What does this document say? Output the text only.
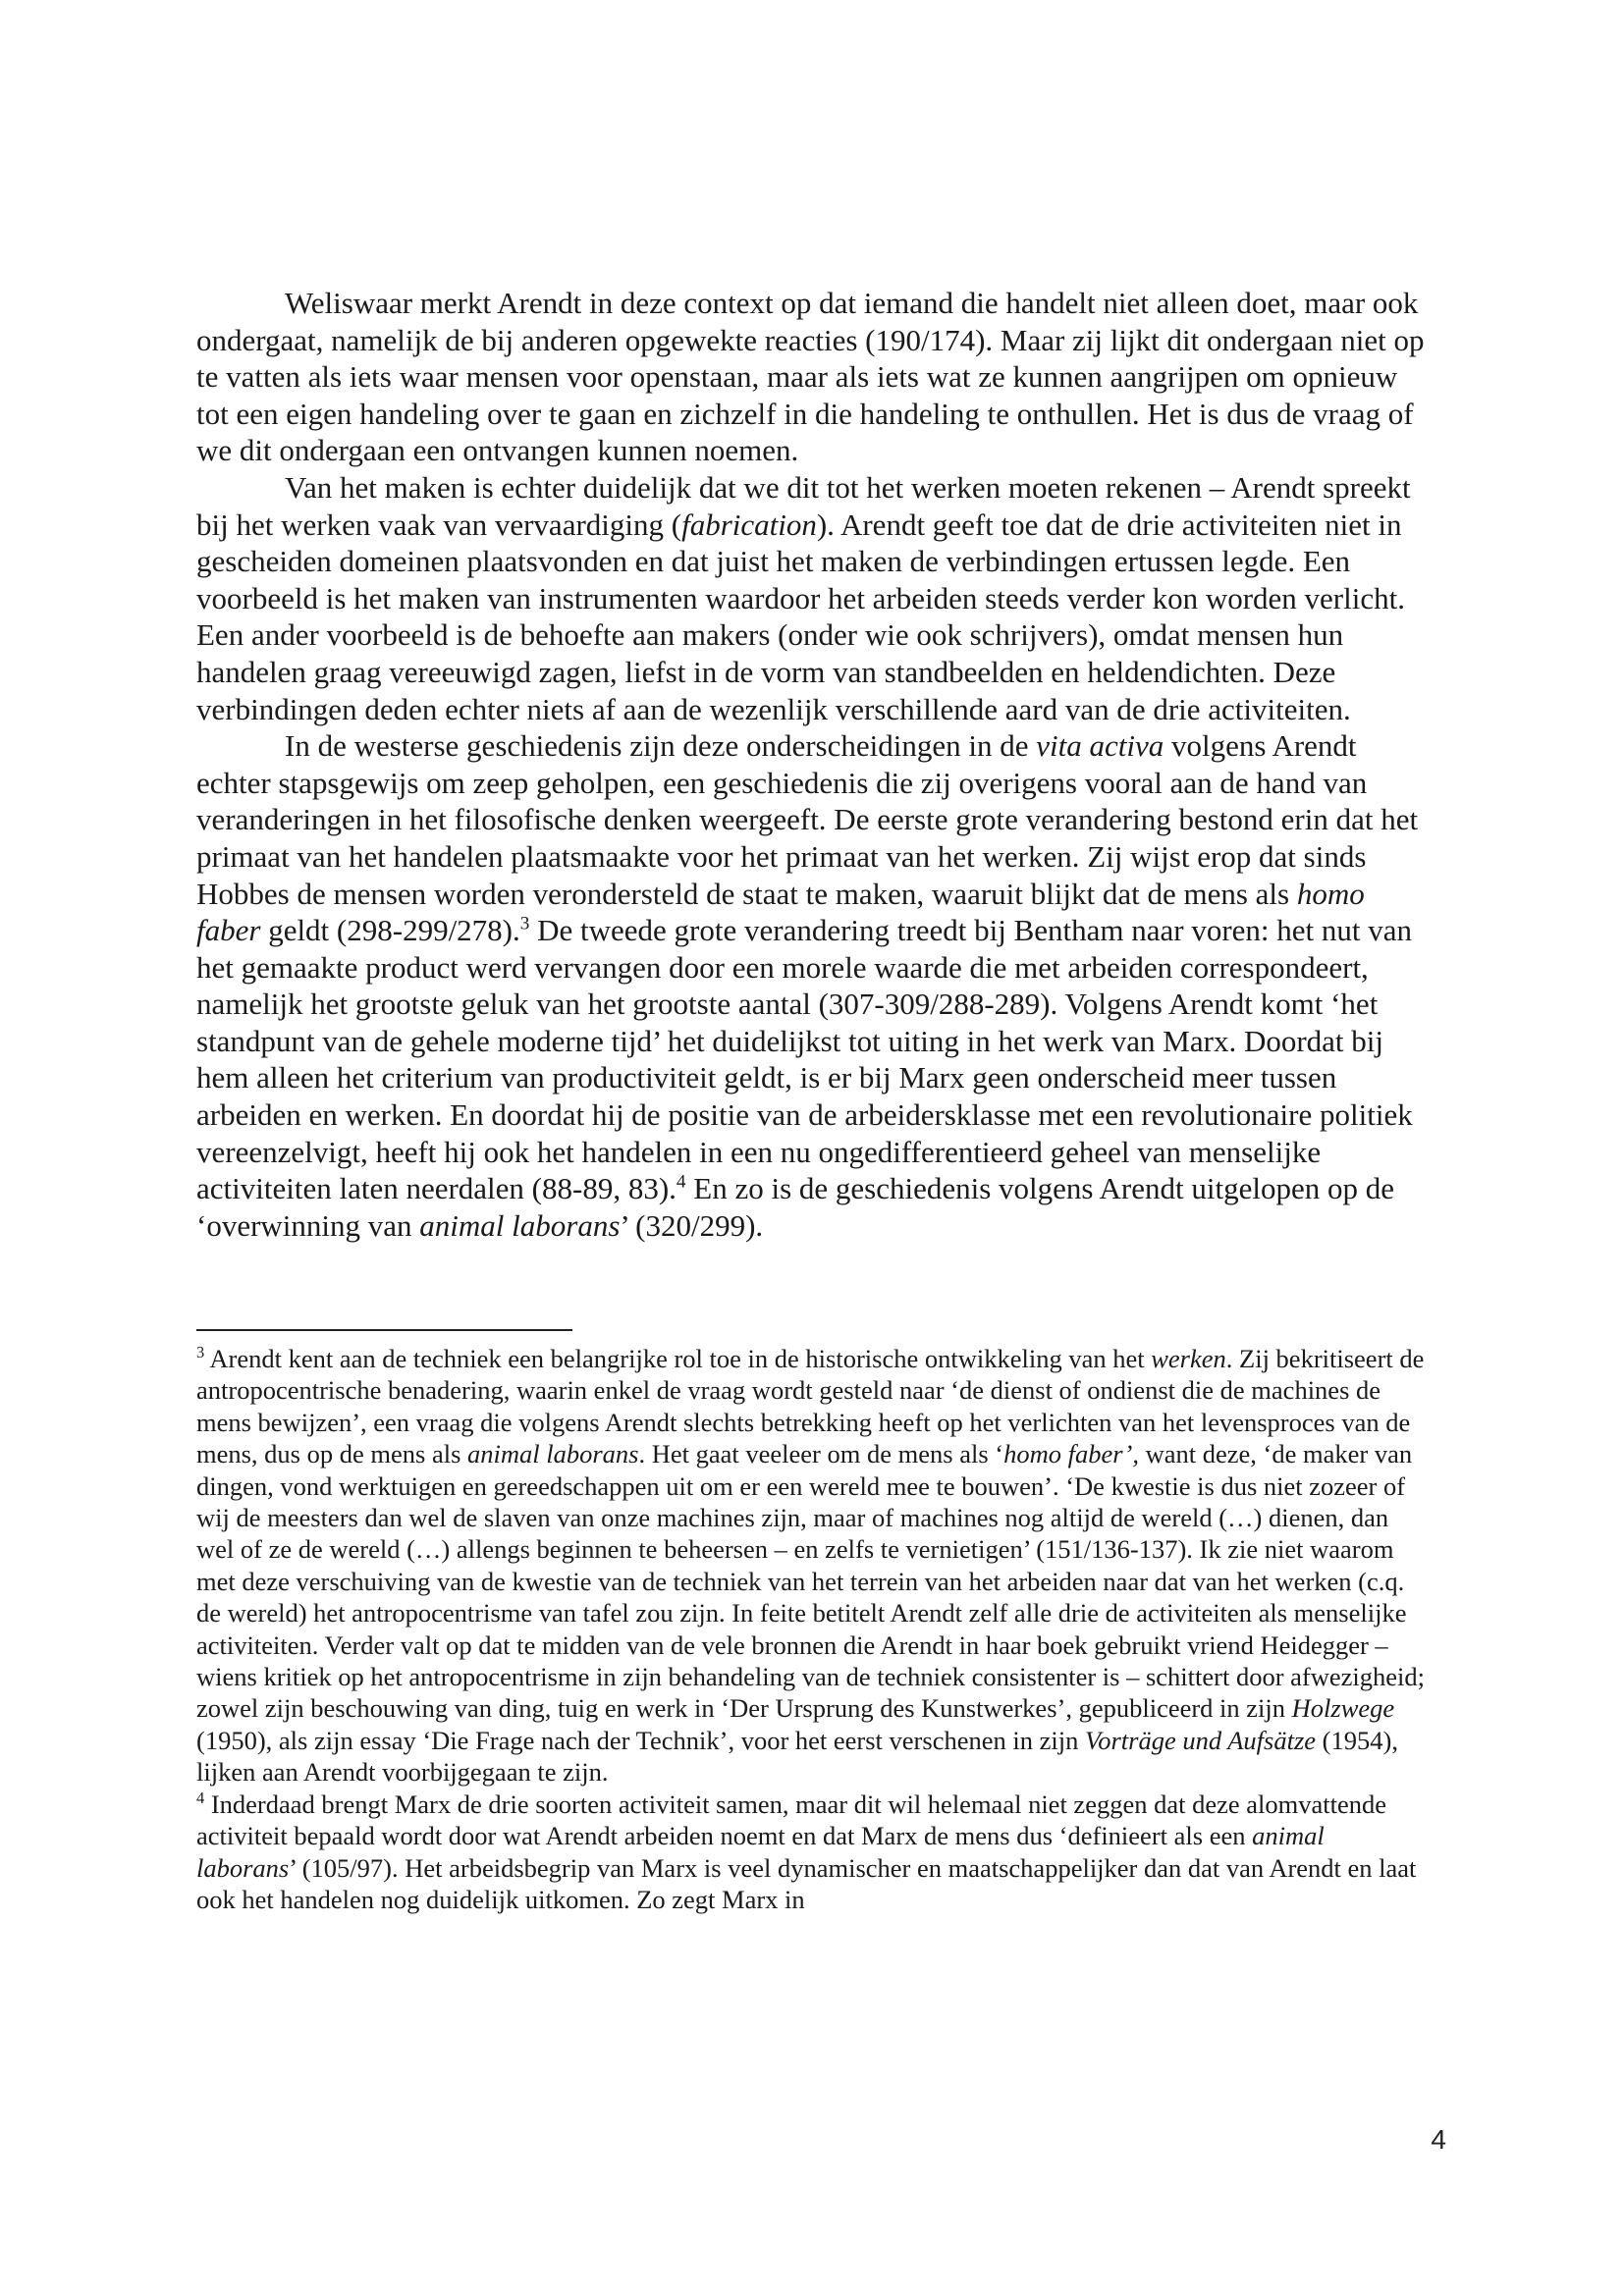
Weliswaar merkt Arendt in deze context op dat iemand die handelt niet alleen doet, maar ook ondergaat, namelijk de bij anderen opgewekte reacties (190/174). Maar zij lijkt dit ondergaan niet op te vatten als iets waar mensen voor openstaan, maar als iets wat ze kunnen aangrijpen om opnieuw tot een eigen handeling over te gaan en zichzelf in die handeling te onthullen. Het is dus de vraag of we dit ondergaan een ontvangen kunnen noemen.

Van het maken is echter duidelijk dat we dit tot het werken moeten rekenen – Arendt spreekt bij het werken vaak van vervaardiging (fabrication). Arendt geeft toe dat de drie activiteiten niet in gescheiden domeinen plaatsvonden en dat juist het maken de verbindingen ertussen legde. Een voorbeeld is het maken van instrumenten waardoor het arbeiden steeds verder kon worden verlicht. Een ander voorbeeld is de behoefte aan makers (onder wie ook schrijvers), omdat mensen hun handelen graag vereeuwigd zagen, liefst in de vorm van standbeelden en heldendichten. Deze verbindingen deden echter niets af aan de wezenlijk verschillende aard van de drie activiteiten.

In de westerse geschiedenis zijn deze onderscheidingen in de vita activa volgens Arendt echter stapsgewijs om zeep geholpen, een geschiedenis die zij overigens vooral aan de hand van veranderingen in het filosofische denken weergeeft. De eerste grote verandering bestond erin dat het primaat van het handelen plaatsmaakte voor het primaat van het werken. Zij wijst erop dat sinds Hobbes de mensen worden verondersteld de staat te maken, waaruit blijkt dat de mens als homo faber geldt (298-299/278).$^3$ De tweede grote verandering treedt bij Bentham naar voren: het nut van het gemaakte product werd vervangen door een morele waarde die met arbeiden correspondeert, namelijk het grootste geluk van het grootste aantal (307-309/288-289). Volgens Arendt komt ‘het standpunt van de gehele moderne tijd’ het duidelijkst tot uiting in het werk van Marx. Doordat bij hem alleen het criterium van productiviteit geldt, is er bij Marx geen onderscheid meer tussen arbeiden en werken. En doordat hij de positie van de arbeidersklasse met een revolutionaire politiek vereenzelvigt, heeft hij ook het handelen in een nu ongedifferentieerd geheel van menselijke activiteiten laten neerdalen (88-89, 83).$^4$ En zo is de geschiedenis volgens Arendt uitgelopen op de ‘overwinning van animal laborans’ (320/299).

$^3$ Arendt kent aan de techniek een belangrijke rol toe in de historische ontwikkeling van het werken. Zij bekritiseert de antropocentrische benadering, waarin enkel de vraag wordt gesteld naar ‘de dienst of ondienst die de machines de mens bewijzen’, een vraag die volgens Arendt slechts betrekking heeft op het verlichten van het levensproces van de mens, dus op de mens als animal laborans. Het gaat veeleer om de mens als ‘homo faber’, want deze, ‘de maker van dingen, vond werktuigen en gereedschappen uit om er een wereld mee te bouwen’. ‘De kwestie is dus niet zozeer of wij de meesters dan wel de slaven van onze machines zijn, maar of machines nog altijd de wereld (…) dienen, dan wel of ze de wereld (…) allengs beginnen te beheersen – en zelfs te vernietigen’ (151/136-137). Ik zie niet waarom met deze verschuiving van de kwestie van de techniek van het terrein van het arbeiden naar dat van het werken (c.q. de wereld) het antropocentrisme van tafel zou zijn. In feite betitelt Arendt zelf alle drie de activiteiten als menselijke activiteiten. Verder valt op dat te midden van de vele bronnen die Arendt in haar boek gebruikt vriend Heidegger – wiens kritiek op het antropocentrisme in zijn behandeling van de techniek consistenter is – schittert door afwezigheid; zowel zijn beschouwing van ding, tuig en werk in ‘Der Ursprung des Kunstwerkes’, gepubliceerd in zijn Holzwege (1950), als zijn essay ‘Die Frage nach der Technik’, voor het eerst verschenen in zijn Vorträge und Aufsätze (1954), lijken aan Arendt voorbijgegaan te zijn.

$^4$ Inderdaad brengt Marx de drie soorten activiteit samen, maar dit wil helemaal niet zeggen dat deze alomvattende activiteit bepaald wordt door wat Arendt arbeiden noemt en dat Marx de mens dus ‘definieert als een animal laborans’ (105/97). Het arbeidsbegrip van Marx is veel dynamischer en maatschappelijker dan dat van Arendt en laat ook het handelen nog duidelijk uitkomen. Zo zegt Marx in

4
